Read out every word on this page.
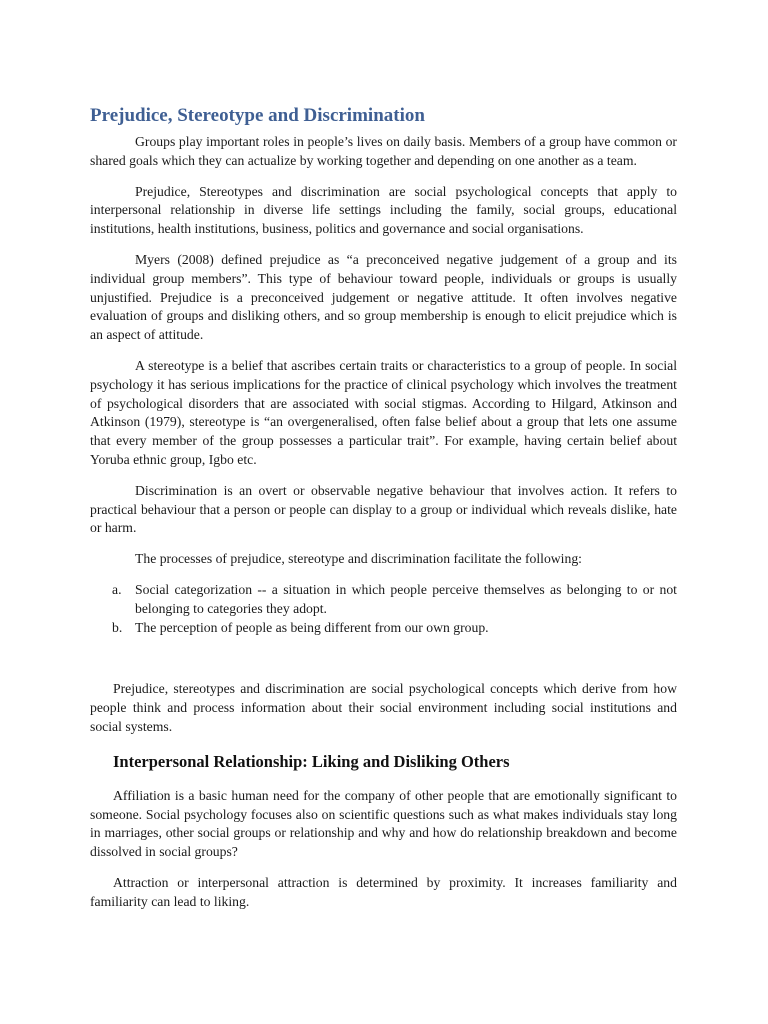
Prejudice, Stereotype and Discrimination

Groups play important roles in people’s lives on daily basis. Members of a group have common or shared goals which they can actualize by working together and depending on one another as a team.

Prejudice, Stereotypes and discrimination are social psychological concepts that apply to interpersonal relationship in diverse life settings including the family, social groups, educational institutions, health institutions, business, politics and governance and social organisations.

Myers (2008) defined prejudice as “a preconceived negative judgement of a group and its individual group members”. This type of behaviour toward people, individuals or groups is usually unjustified. Prejudice is a preconceived judgement or negative attitude. It often involves negative evaluation of groups and disliking others, and so group membership is enough to elicit prejudice which is an aspect of attitude.

A stereotype is a belief that ascribes certain traits or characteristics to a group of people. In social psychology it has serious implications for the practice of clinical psychology which involves the treatment of psychological disorders that are associated with social stigmas. According to Hilgard, Atkinson and Atkinson (1979), stereotype is “an overgeneralised, often false belief about a group that lets one assume that every member of the group possesses a particular trait”. For example, having certain belief about Yoruba ethnic group, Igbo etc.

Discrimination is an overt or observable negative behaviour that involves action. It refers to practical behaviour that a person or people can display to a group or individual which reveals dislike, hate or harm.

The processes of prejudice, stereotype and discrimination facilitate the following:

a. Social categorization -- a situation in which people perceive themselves as belonging to or not belonging to categories they adopt.
b. The perception of people as being different from our own group.

Prejudice, stereotypes and discrimination are social psychological concepts which derive from how people think and process information about their social environment including social institutions and social systems.

Interpersonal Relationship: Liking and Disliking Others

Affiliation is a basic human need for the company of other people that are emotionally significant to someone. Social psychology focuses also on scientific questions such as what makes individuals stay long in marriages, other social groups or relationship and why and how do relationship breakdown and become dissolved in social groups?

Attraction or interpersonal attraction is determined by proximity. It increases familiarity and familiarity can lead to liking.
